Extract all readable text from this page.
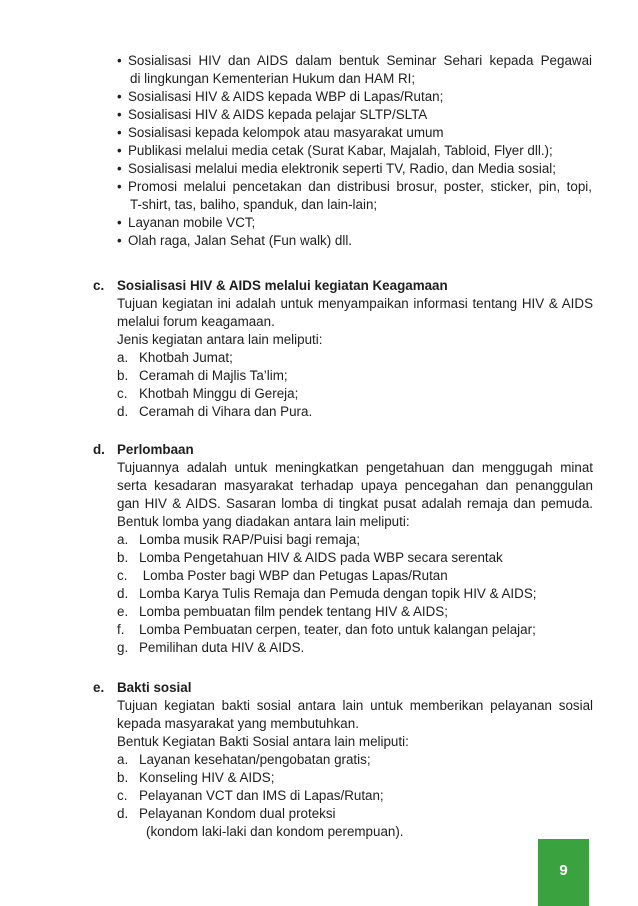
• Sosialisasi HIV dan AIDS dalam bentuk Seminar Sehari kepada Pegawai
di lingkungan Kementerian Hukum dan HAM RI;
• Sosialisasi HIV & AIDS kepada WBP di Lapas/Rutan;
• Sosialisasi HIV & AIDS kepada pelajar SLTP/SLTA
• Sosialisasi kepada kelompok atau masyarakat umum
• Publikasi melalui media cetak (Surat Kabar, Majalah, Tabloid, Flyer dll.);
• Sosialisasi melalui media elektronik seperti TV, Radio, dan Media sosial;
• Promosi melalui pencetakan dan distribusi brosur, poster, sticker, pin, topi,
T-shirt, tas, baliho, spanduk, dan lain-lain;
• Layanan mobile VCT;
• Olah raga, Jalan Sehat (Fun walk) dll.
c. Sosialisasi HIV & AIDS melalui kegiatan Keagamaan
Tujuan kegiatan ini adalah untuk menyampaikan informasi tentang HIV & AIDS
melalui forum keagamaan.
Jenis kegiatan antara lain meliputi:
a. Khotbah Jumat;
b. Ceramah di Majlis Ta’lim;
c. Khotbah Minggu di Gereja;
d. Ceramah di Vihara dan Pura.
d. Perlombaan
Tujuannya adalah untuk meningkatkan pengetahuan dan menggugah minat
serta kesadaran masyarakat terhadap upaya pencegahan dan penanggulan
gan HIV & AIDS. Sasaran lomba di tingkat pusat adalah remaja dan pemuda.
Bentuk lomba yang diadakan antara lain meliputi:
a. Lomba musik RAP/Puisi bagi remaja;
b. Lomba Pengetahuan HIV & AIDS pada WBP secara serentak
c. Lomba Poster bagi WBP dan Petugas Lapas/Rutan
d. Lomba Karya Tulis Remaja dan Pemuda dengan topik HIV & AIDS;
e. Lomba pembuatan film pendek tentang HIV & AIDS;
f. Lomba Pembuatan cerpen, teater, dan foto untuk kalangan pelajar;
g. Pemilihan duta HIV & AIDS.
e. Bakti sosial
Tujuan kegiatan bakti sosial antara lain untuk memberikan pelayanan sosial
kepada masyarakat yang membutuhkan.
Bentuk Kegiatan Bakti Sosial antara lain meliputi:
a. Layanan kesehatan/pengobatan gratis;
b. Konseling HIV & AIDS;
c. Pelayanan VCT dan IMS di Lapas/Rutan;
d. Pelayanan Kondom dual proteksi
(kondom laki-laki dan kondom perempuan).
9
